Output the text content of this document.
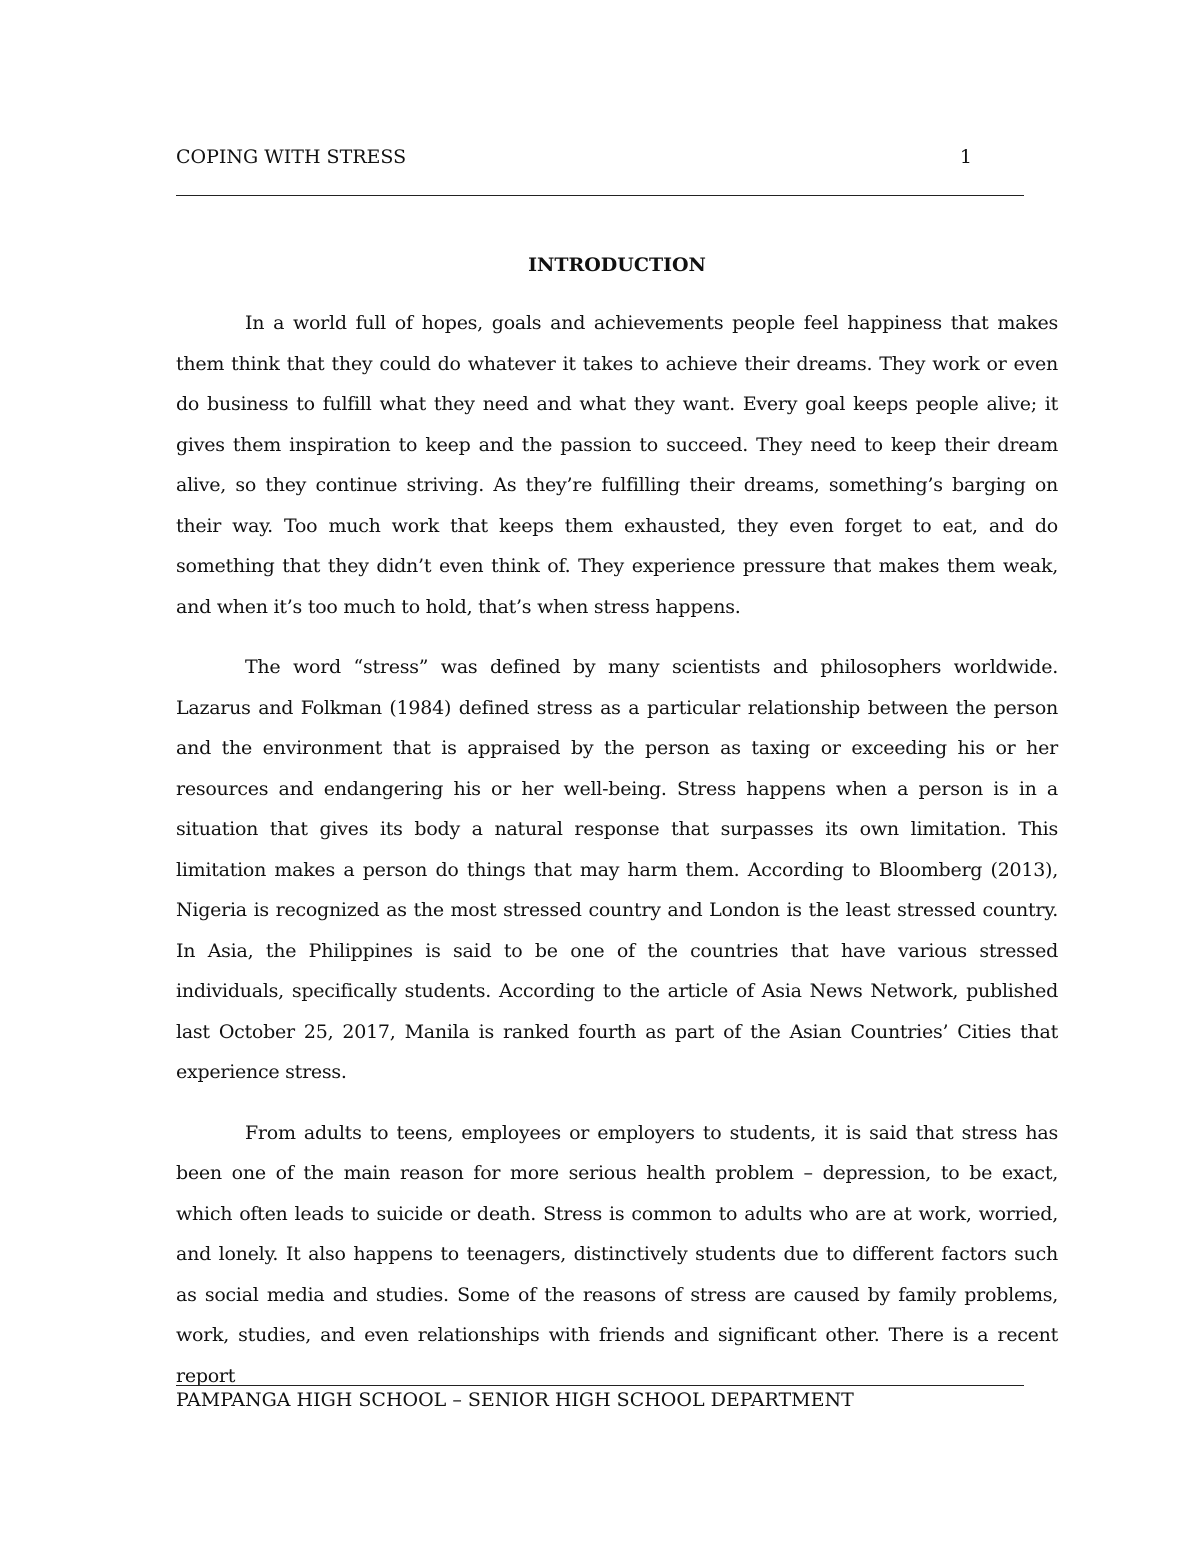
COPING WITH STRESS	1
INTRODUCTION

In a world full of hopes, goals and achievements people feel happiness that makes them think that they could do whatever it takes to achieve their dreams. They work or even do business to fulfill what they need and what they want. Every goal keeps people alive; it gives them inspiration to keep and the passion to succeed. They need to keep their dream alive, so they continue striving. As they’re fulfilling their dreams, something’s barging on their way. Too much work that keeps them exhausted, they even forget to eat, and do something that they didn’t even think of. They experience pressure that makes them weak, and when it’s too much to hold, that’s when stress happens.

The word “stress” was defined by many scientists and philosophers worldwide. Lazarus and Folkman (1984) defined stress as a particular relationship between the person and the environment that is appraised by the person as taxing or exceeding his or her resources and endangering his or her well-being. Stress happens when a person is in a situation that gives its body a natural response that surpasses its own limitation. This limitation makes a person do things that may harm them. According to Bloomberg (2013), Nigeria is recognized as the most stressed country and London is the least stressed country. In Asia, the Philippines is said to be one of the countries that have various stressed individuals, specifically students. According to the article of Asia News Network, published last October 25, 2017, Manila is ranked fourth as part of the Asian Countries’ Cities that experience stress.

From adults to teens, employees or employers to students, it is said that stress has been one of the main reason for more serious health problem – depression, to be exact, which often leads to suicide or death. Stress is common to adults who are at work, worried, and lonely. It also happens to teenagers, distinctively students due to different factors such as social media and studies. Some of the reasons of stress are caused by family problems, work, studies, and even relationships with friends and significant other. There is a recent report

PAMPANGA HIGH SCHOOL – SENIOR HIGH SCHOOL DEPARTMENT
